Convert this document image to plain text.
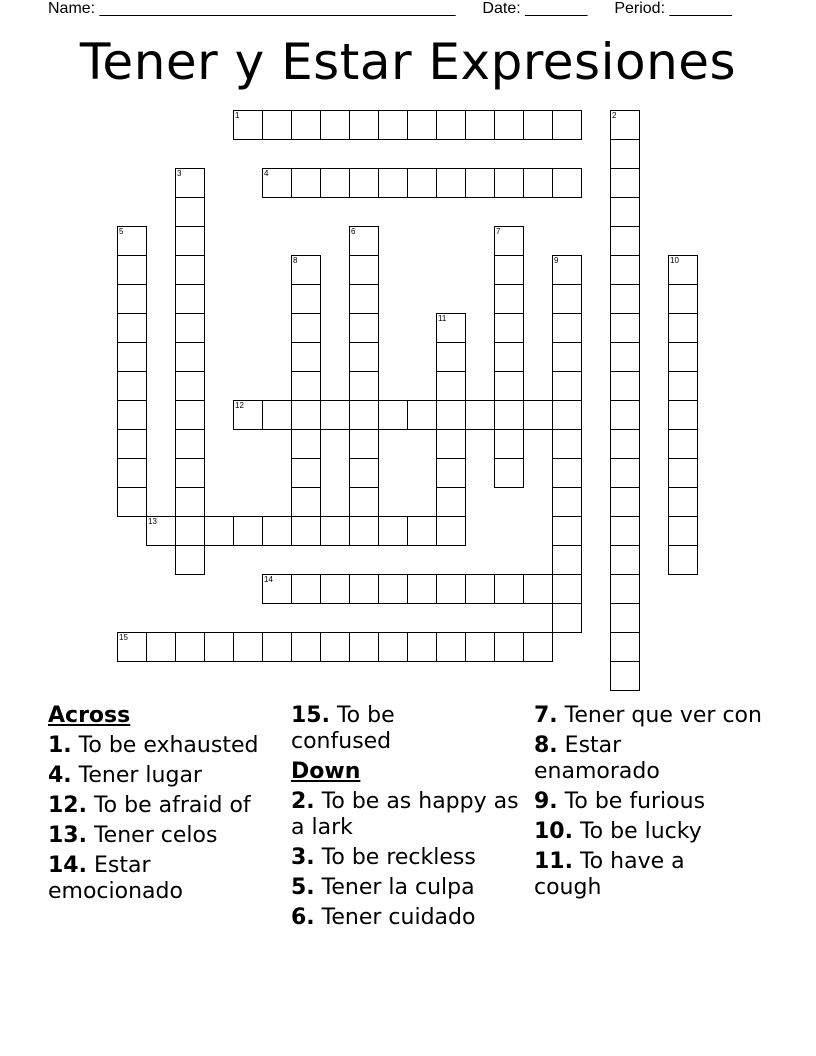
Name: ________________________________________ Date: _______ Period: _______
Tener y Estar Expresiones
1	2
3	4
5	6	7
8	9	10
11
12
13
14
15
Across
1. To be exhausted
4. Tener lugar
12. To be afraid of
13. Tener celos
14. Estar emocionado
15. To be confused
Down
2. To be as happy as a lark
3. To be reckless
5. Tener la culpa
6. Tener cuidado
7. Tener que ver con
8. Estar enamorado
9. To be furious
10. To be lucky
11. To have a cough
